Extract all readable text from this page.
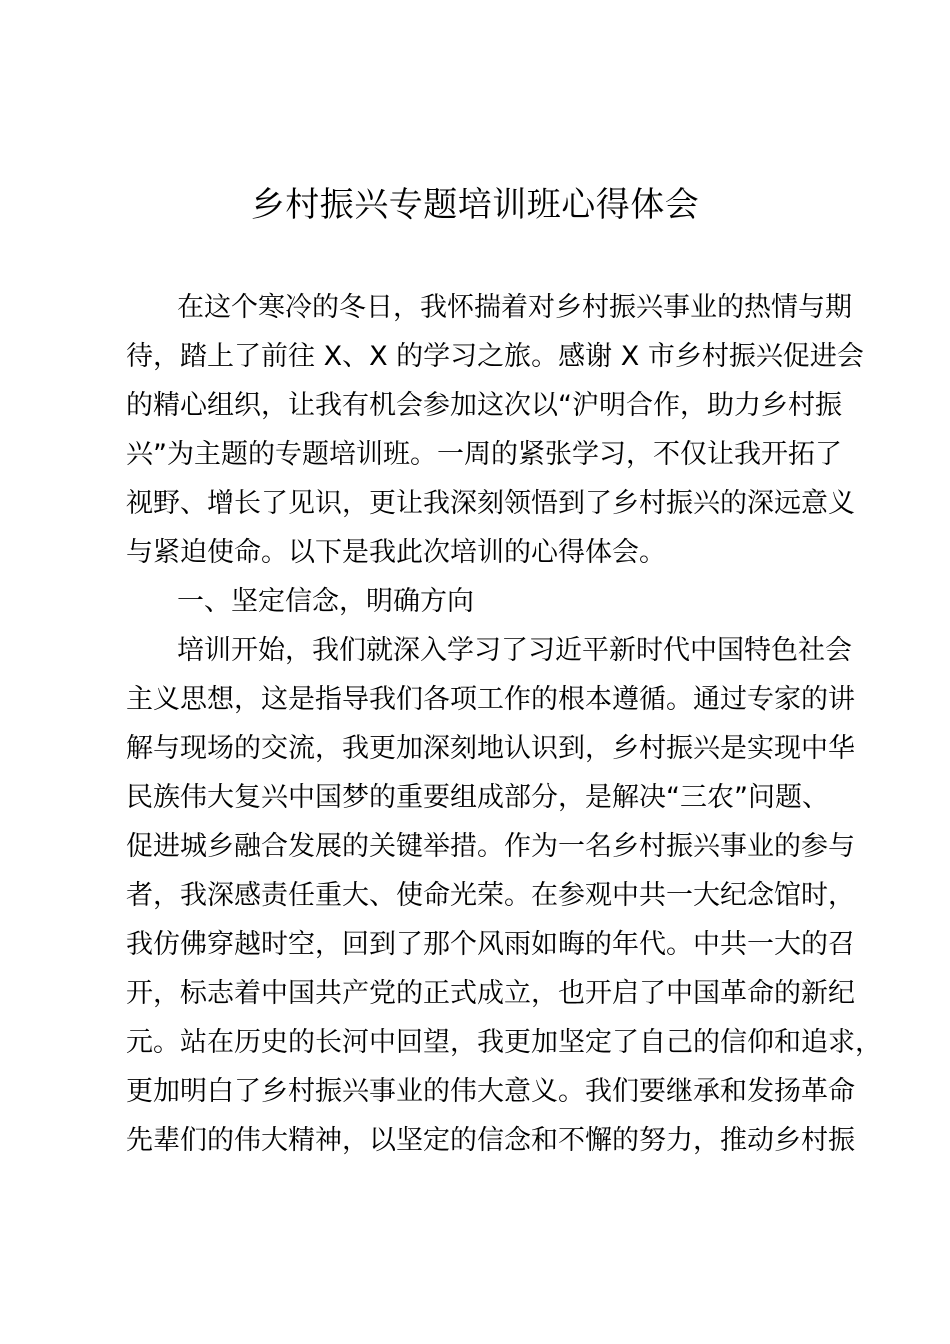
乡村振兴专题培训班心得体会
在这个寒冷的冬日，我怀揣着对乡村振兴事业的热情与期
待，踏上了前往 X、X 的学习之旅。感谢 X 市乡村振兴促进会
的精心组织，让我有机会参加这次以“沪明合作，助力乡村振
兴”为主题的专题培训班。一周的紧张学习，不仅让我开拓了
视野、增长了见识，更让我深刻领悟到了乡村振兴的深远意义
与紧迫使命。以下是我此次培训的心得体会。
一、坚定信念，明确方向
培训开始，我们就深入学习了习近平新时代中国特色社会
主义思想，这是指导我们各项工作的根本遵循。通过专家的讲
解与现场的交流，我更加深刻地认识到，乡村振兴是实现中华
民族伟大复兴中国梦的重要组成部分，是解决“三农”问题、
促进城乡融合发展的关键举措。作为一名乡村振兴事业的参与
者，我深感责任重大、使命光荣。在参观中共一大纪念馆时，
我仿佛穿越时空，回到了那个风雨如晦的年代。中共一大的召
开，标志着中国共产党的正式成立，也开启了中国革命的新纪
元。站在历史的长河中回望，我更加坚定了自己的信仰和追求，
更加明白了乡村振兴事业的伟大意义。我们要继承和发扬革命
先辈们的伟大精神，以坚定的信念和不懈的努力，推动乡村振
